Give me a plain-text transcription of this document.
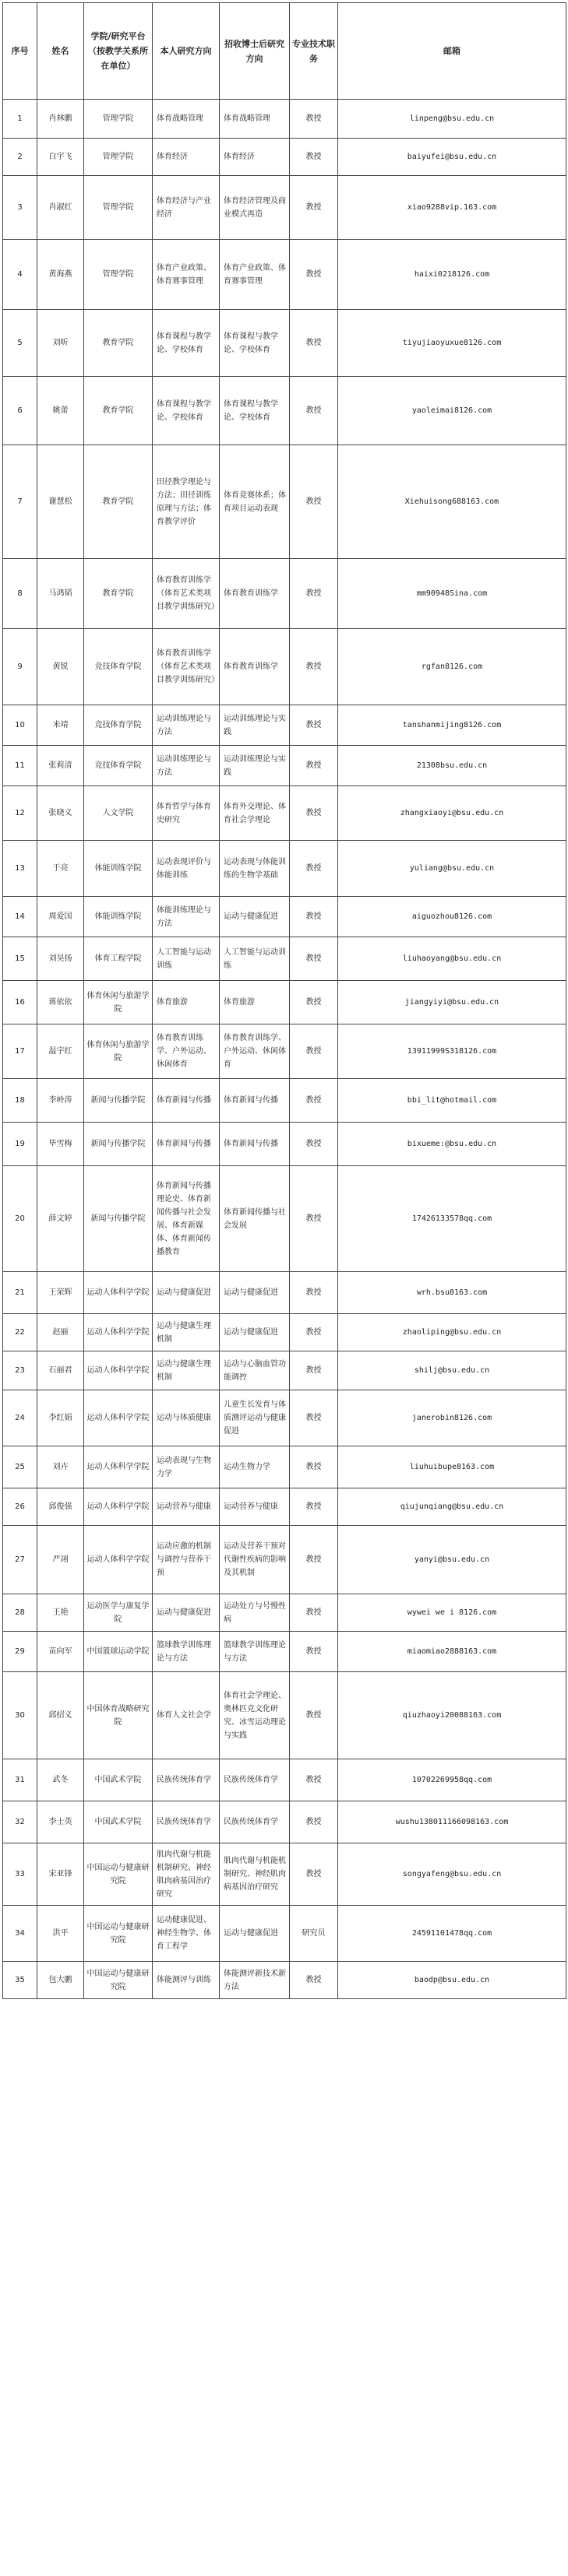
序号	姓名	学院/研究平台（按教学关系所在单位）	本人研究方向	招收博士后研究方向	专业技术职务	邮箱
1	肖林鹏	管理学院	体育战略管理	体育战略管理	教授	linpeng@bsu.edu.cn
2	白宇飞	管理学院	体育经济	体育经济	教授	baiyufei@bsu.edu.cn
3	肖淑红	管理学院	体育经济与产业经济	体育经济管理及商业模式再造	教授	xiao9288vip.163.com
4	黄海燕	管理学院	体育产业政策、体育赛事管理	体育产业政策、体育赛事管理	教授	haixi0218126.com
5	刘昕	教育学院	体育课程与教学论、学校体育	体育课程与教学论、学校体育	教授	tiyujiaoyuxue8126.com
6	姚蕾	教育学院	体育课程与教学论、学校体育	体育课程与教学论、学校体育	教授	yaoleimai8126.com
7	谢慧松	教育学院	田径教学理论与方法；田径训练原理与方法；体育教学评价	体育竞赛体系；体育项目运动表现	教授	Xiehuisong688163.com
8	马鸿韬	教育学院	体育教育训练学（体育艺术类项目教学训练研究）	体育教育训练学	教授	mm90948Sina.com
9	黄锐	竞技体育学院	体育教育训练学（体育艺术类项目教学训练研究）	体育教育训练学	教授	rgfan8126.com
10	米靖	竞技体育学院	运动训练理论与方法	运动训练理论与实践	教授	tanshanmijing8126.com
11	张莉清	竞技体育学院	运动训练理论与方法	运动训练理论与实践	教授	21308bsu.edu.cn
12	张晓义	人文学院	体育哲学与体育史研究	体育外交理论、体育社会学理论	教授	zhangxiaoyi@bsu.edu.cn
13	于亮	体能训练学院	运动表现评价与体能训练	运动表现与体能训练的生物学基础	教授	yuliang@bsu.edu.cn
14	周爱国	体能训练学院	体能训练理论与方法	运动与健康促进	教授	aiguozhou8126.com
15	刘昊扬	体育工程学院	人工智能与运动训练	人工智能与运动训练	教授	liuhaoyang@bsu.edu.cn
16	蒋依依	体育休闲与旅游学院	体育旅游	体育旅游	教授	jiangyiyi@bsu.edu.cn
17	温宇红	体育休闲与旅游学院	体育教育训练学、户外运动、休闲体育	体育教育训练学、户外运动、休闲体育	教授	13911999S318126.com
18	李岭涛	新闻与传播学院	体育新闻与传播	体育新闻与传播	教授	bbi_lit@hotmail.com
19	毕雪梅	新闻与传播学院	体育新闻与传播	体育新闻与传播	教授	bixueme:@bsu.edu.cn
20	薛文婷	新闻与传播学院	体育新闻与传播理论史、体育新闻传播与社会发展、体育新媒体、体育新闻传播教育	体育新闻传播与社会发展	教授	17426133578qq.com
21	王荣辉	运动人体科学学院	运动与健康促进	运动与健康促进	教授	wrh.bsu8163.com
22	赵丽	运动人体科学学院	运动与健康生理机制	运动与健康促进	教授	zhaoliping@bsu.edu.cn
23	石丽君	运动人体科学学院	运动与健康生理机制	运动与心脑血管功能调控	教授	shilj@bsu.edu.cn
24	李红娟	运动人体科学学院	运动与体质健康	儿童生长发育与体质测评运动与健康促进	教授	janerobin8126.com
25	刘卉	运动人体科学学院	运动表现与生物力学	运动生物力学	教授	liuhuibupe8163.com
26	邱俊强	运动人体科学学院	运动营养与健康	运动营养与健康	教授	qiujunqiang@bsu.edu.cn
27	严翊	运动人体科学学院	运动应激的机制与调控与营养干预	运动及营养干预对代谢性疾病的影响及其机制	教授	yanyi@bsu.edu.cn
28	王艳	运动医学与康复学院	运动与健康促进	运动处方与号慢性病	教授	wywei we i 8126.com
29	苗向军	中国篮球运动学院	篮球教学训练理论与方法	篮球教学训练理论与方法	教授	miaomiao2888163.com
30	邱招义	中国体育战略研究院	体育人文社会学	体育社会学理论、奥林匹克文化研究、冰雪运动理论与实践	教授	qiuzhaoyi20088163.com
31	武冬	中国武术学院	民族传统体育学	民族传统体育学	教授	10702269958qq.com
32	李士英	中国武术学院	民族传统体育学	民族传统体育学	教授	wushu138011166098163.com
33	宋亚锋	中国运动与健康研究院	肌肉代谢与机能机制研究、神经肌肉病基因治疗研究	肌肉代谢与机能机制研究、神经肌肉病基因治疗研究	教授	songyafeng@bsu.edu.cn
34	洪平	中国运动与健康研究院	运动健康促进、神经生物学、体育工程学	运动与健康促进	研究员	24591101478qq.com
35	包大鹏	中国运动与健康研究院	体能测评与训练	体能测评新技术新方法	教授	baodp@bsu.edu.cn
